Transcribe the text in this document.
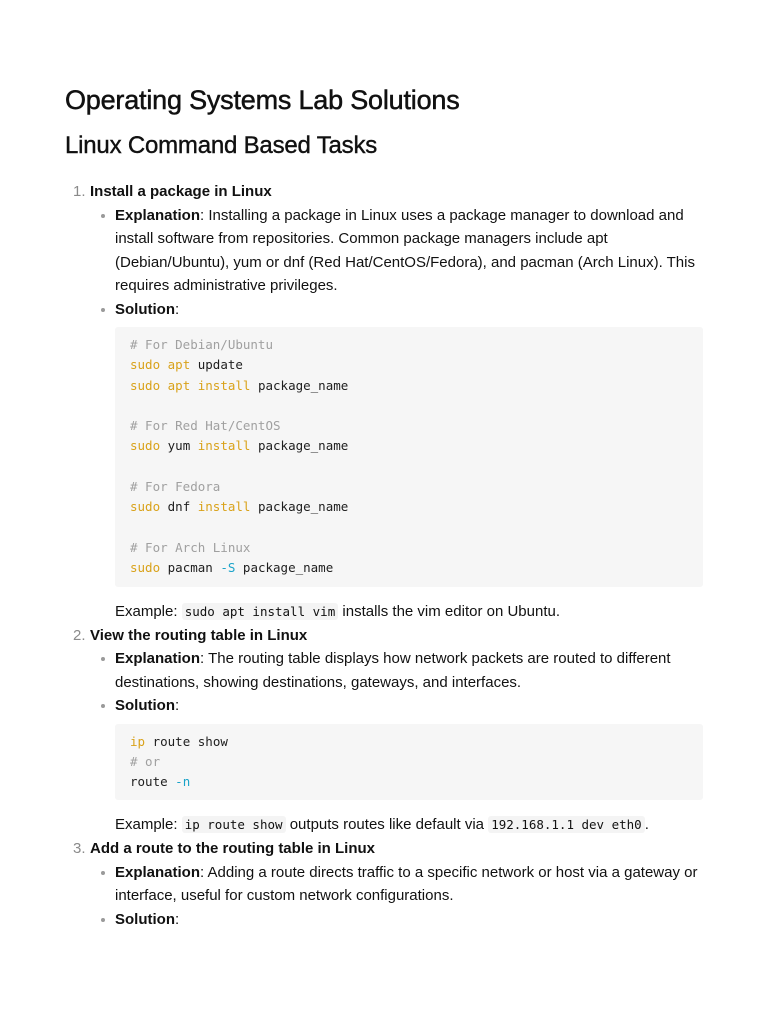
Operating Systems Lab Solutions
Linux Command Based Tasks
1. Install a package in Linux
Explanation: Installing a package in Linux uses a package manager to download and install software from repositories. Common package managers include apt (Debian/Ubuntu), yum or dnf (Red Hat/CentOS/Fedora), and pacman (Arch Linux). This requires administrative privileges.
Solution:
# For Debian/Ubuntu
sudo apt update
sudo apt install package_name
# For Red Hat/CentOS
sudo yum install package_name
# For Fedora
sudo dnf install package_name
# For Arch Linux
sudo pacman -S package_name
Example: sudo apt install vim installs the vim editor on Ubuntu.
2. View the routing table in Linux
Explanation: The routing table displays how network packets are routed to different destinations, showing destinations, gateways, and interfaces.
Solution:
ip route show
# or
route -n
Example: ip route show outputs routes like default via 192.168.1.1 dev eth0 .
3. Add a route to the routing table in Linux
Explanation: Adding a route directs traffic to a specific network or host via a gateway or interface, useful for custom network configurations.
Solution:
